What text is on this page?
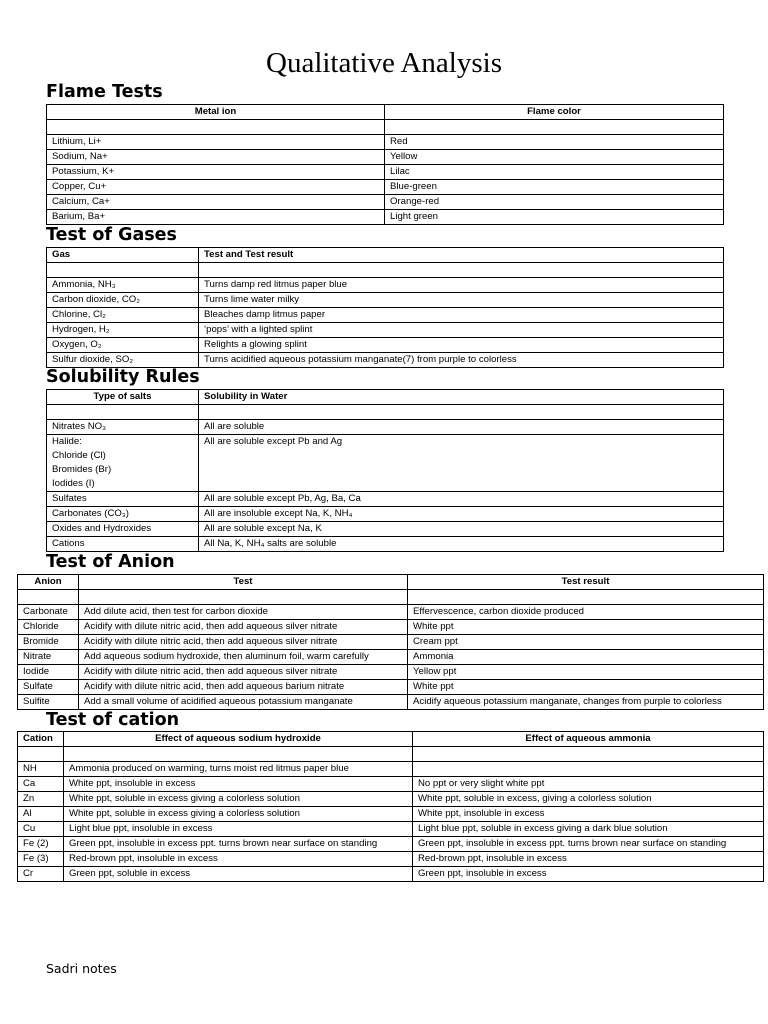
Qualitative Analysis
Flame Tests
Metal ion	Flame color

Lithium, Li+	Red
Sodium, Na+	Yellow
Potassium, K+	Lilac
Copper, Cu+	Blue-green
Calcium, Ca+	Orange-red
Barium, Ba+	Light green
Test of Gases
Gas	Test and Test result

Ammonia, NH₃	Turns damp red litmus paper blue
Carbon dioxide, CO₂	Turns lime water milky
Chlorine, Cl₂	Bleaches damp litmus paper
Hydrogen, H₂	‘pops’ with a lighted splint
Oxygen, O₂	Relights a glowing splint
Sulfur dioxide, SO₂	Turns acidified aqueous potassium manganate(7) from purple to colorless
Solubility Rules
Type of salts	Solubility in Water

Nitrates NO₃	All are soluble

Halide:
Chloride (Cl)
Bromides (Br)
Iodides (I)	All are soluble except Pb and Ag
Sulfates	All are soluble except Pb, Ag, Ba, Ca
Carbonates (CO₃)	All are insoluble except Na, K, NH₄
Oxides and Hydroxides	All are soluble except Na, K
Cations	All Na, K, NH₄ salts are soluble
Test of Anion
Anion	Test	Test result

Carbonate	Add dilute acid, then test for carbon dioxide	Effervescence, carbon dioxide produced
Chloride	Acidify with dilute nitric acid, then add aqueous silver nitrate	White ppt
Bromide	Acidify with dilute nitric acid, then add aqueous silver nitrate	Cream ppt
Nitrate	Add aqueous sodium hydroxide, then aluminum foil, warm carefully	Ammonia
Iodide	Acidify with dilute nitric acid, then add aqueous silver nitrate	Yellow ppt
Sulfate	Acidify with dilute nitric acid, then add aqueous barium nitrate	White ppt
Sulfite	Add a small volume of acidified aqueous potassium manganate	Acidify aqueous potassium manganate, changes from purple to colorless
Test of cation
Cation	Effect of aqueous sodium hydroxide	Effect of aqueous ammonia

NH	Ammonia produced on warming, turns moist red litmus paper blue	
Ca	White ppt, insoluble in excess	No ppt or very slight white ppt
Zn	White ppt, soluble in excess giving a colorless solution	White ppt, soluble in excess, giving a colorless solution
Al	White ppt, soluble in excess giving a colorless solution	White ppt, insoluble in excess
Cu	Light blue ppt, insoluble in excess	Light blue ppt, soluble in excess giving a dark blue solution
Fe (2)	Green ppt, insoluble in excess ppt. turns brown near surface on standing	Green ppt, insoluble in excess ppt. turns brown near surface on standing
Fe (3)	Red-brown ppt, insoluble in excess	Red-brown ppt, insoluble in excess
Cr	Green ppt, soluble in excess	Green ppt, insoluble in excess
Sadri notes
